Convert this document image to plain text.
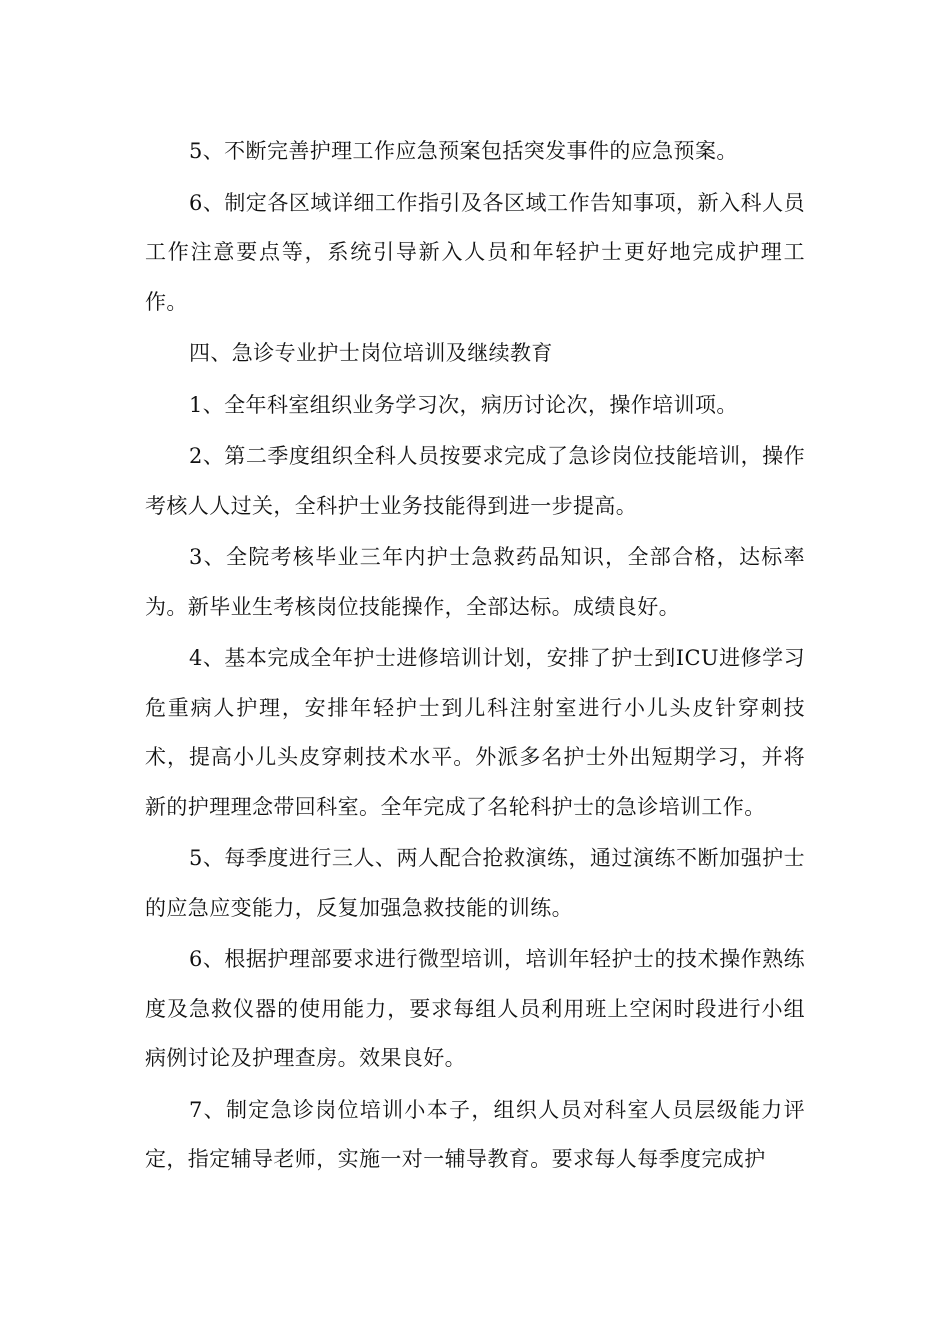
5、不断完善护理工作应急预案包括突发事件的应急预案。

6、制定各区域详细工作指引及各区域工作告知事项，新入科人员工作注意要点等，系统引导新入人员和年轻护士更好地完成护理工作。

四、急诊专业护士岗位培训及继续教育

1、全年科室组织业务学习次，病历讨论次，操作培训项。

2、第二季度组织全科人员按要求完成了急诊岗位技能培训，操作考核人人过关，全科护士业务技能得到进一步提高。

3、全院考核毕业三年内护士急救药品知识，全部合格，达标率为。新毕业生考核岗位技能操作，全部达标。成绩良好。

4、基本完成全年护士进修培训计划，安排了护士到ICU进修学习危重病人护理，安排年轻护士到儿科注射室进行小儿头皮针穿刺技术，提高小儿头皮穿刺技术水平。外派多名护士外出短期学习，并将新的护理理念带回科室。全年完成了名轮科护士的急诊培训工作。

5、每季度进行三人、两人配合抢救演练，通过演练不断加强护士的应急应变能力，反复加强急救技能的训练。

6、根据护理部要求进行微型培训，培训年轻护士的技术操作熟练度及急救仪器的使用能力，要求每组人员利用班上空闲时段进行小组病例讨论及护理查房。效果良好。

7、制定急诊岗位培训小本子，组织人员对科室人员层级能力评定，指定辅导老师，实施一对一辅导教育。要求每人每季度完成护
